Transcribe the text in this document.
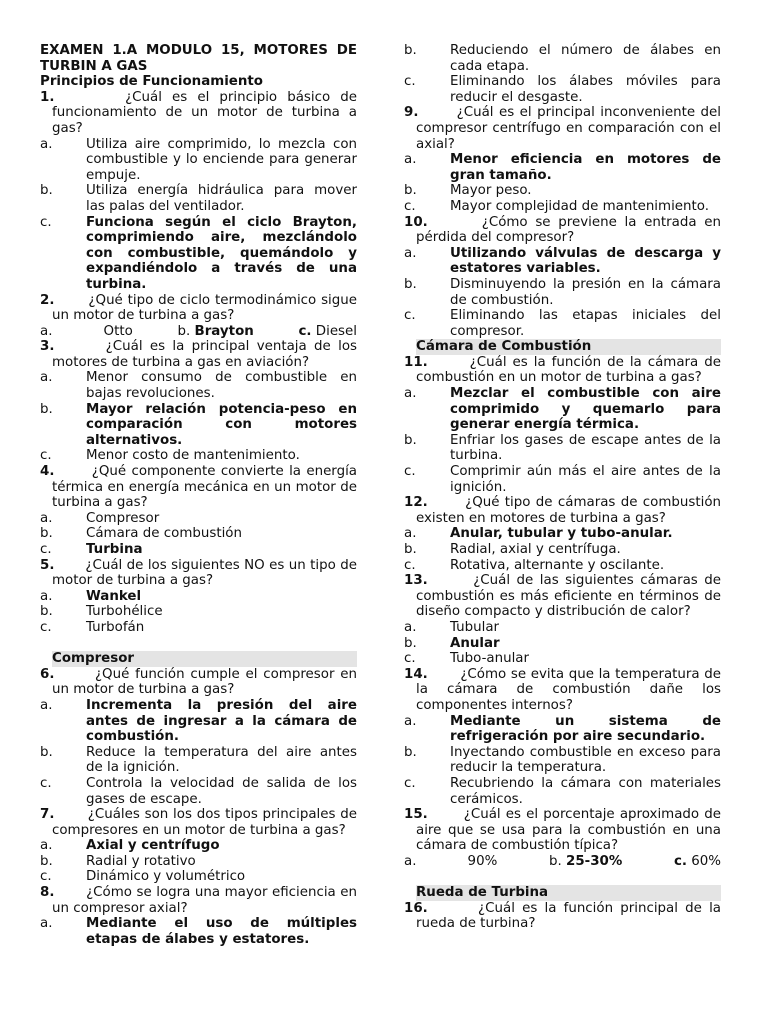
EXAMEN 1.A MODULO 15, MOTORES DE TURBIN A GAS

Principios de Funcionamiento

1.	¿Cuál es el principio básico de funcionamiento de un motor de turbina a gas?

a.	Utiliza aire comprimido, lo mezcla con combustible y lo enciende para generar empuje.
b.	Utiliza energía hidráulica para mover las palas del ventilador.
c.	Funciona según el ciclo Brayton, comprimiendo aire, mezclándolo con combustible, quemándolo y expandiéndolo a través de una turbina.

2.	¿Qué tipo de ciclo termodinámico sigue un motor de turbina a gas?

a.	Otto	b. Brayton	c. Diesel

3.	¿Cuál es la principal ventaja de los motores de turbina a gas en aviación?

a.	Menor consumo de combustible en bajas revoluciones.
b.	Mayor relación potencia-peso en comparación con motores alternativos.
c.	Menor costo de mantenimiento.

4.	¿Qué componente convierte la energía térmica en energía mecánica en un motor de turbina a gas?

a.	Compresor
b.	Cámara de combustión
c.	Turbina

5. ¿Cuál de los siguientes NO es un tipo de motor de turbina a gas?

a.	Wankel
b.	Turbohélice
c.	Turbofán
Compresor

6.	¿Qué función cumple el compresor en un motor de turbina a gas?

a.	Incrementa la presión del aire antes de ingresar a la cámara de combustión.
b.	Reduce la temperatura del aire antes de la ignición.
c.	Controla la velocidad de salida de los gases de escape.

7. ¿Cuáles son los dos tipos principales de compresores en un motor de turbina a gas?

a.	Axial y centrífugo
b.	Radial y rotativo
c.	Dinámico y volumétrico

8. ¿Cómo se logra una mayor eficiencia en un compresor axial?

a.	Mediante el uso de múltiples etapas de álabes y estatores.
b.	Reduciendo el número de álabes en cada etapa.
c.	Eliminando los álabes móviles para reducir el desgaste.

9.	¿Cuál es el principal inconveniente del compresor centrífugo en comparación con el axial?

a.	Menor eficiencia en motores de gran tamaño.
b.	Mayor peso.
c.	Mayor complejidad de mantenimiento.

10.	¿Cómo se previene la entrada en pérdida del compresor?

a.	Utilizando válvulas de descarga y estatores variables.
b.	Disminuyendo la presión en la cámara de combustión.
c.	Eliminando las etapas iniciales del compresor.
Cámara de Combustión

11.	¿Cuál es la función de la cámara de combustión en un motor de turbina a gas?

a.	Mezclar el combustible con aire comprimido y quemarlo para generar energía térmica.
b.	Enfriar los gases de escape antes de la turbina.
c.	Comprimir aún más el aire antes de la ignición.

12.	¿Qué tipo de cámaras de combustión existen en motores de turbina a gas?

a.	Anular, tubular y tubo-anular.
b.	Radial, axial y centrífuga.
c.	Rotativa, alternante y oscilante.

13.	¿Cuál de las siguientes cámaras de combustión es más eficiente en términos de diseño compacto y distribución de calor?

a.	Tubular
b.	Anular
c.	Tubo-anular

14. ¿Cómo se evita que la temperatura de la cámara de combustión dañe los componentes internos?

a.	Mediante un sistema de refrigeración por aire secundario.
b.	Inyectando combustible en exceso para reducir la temperatura.
c.	Recubriendo la cámara con materiales cerámicos.

15.	¿Cuál es el porcentaje aproximado de aire que se usa para la combustión en una cámara de combustión típica?

a.	90%	b. 25-30%	c. 60%
Rueda de Turbina

16.	¿Cuál es la función principal de la rueda de turbina?
